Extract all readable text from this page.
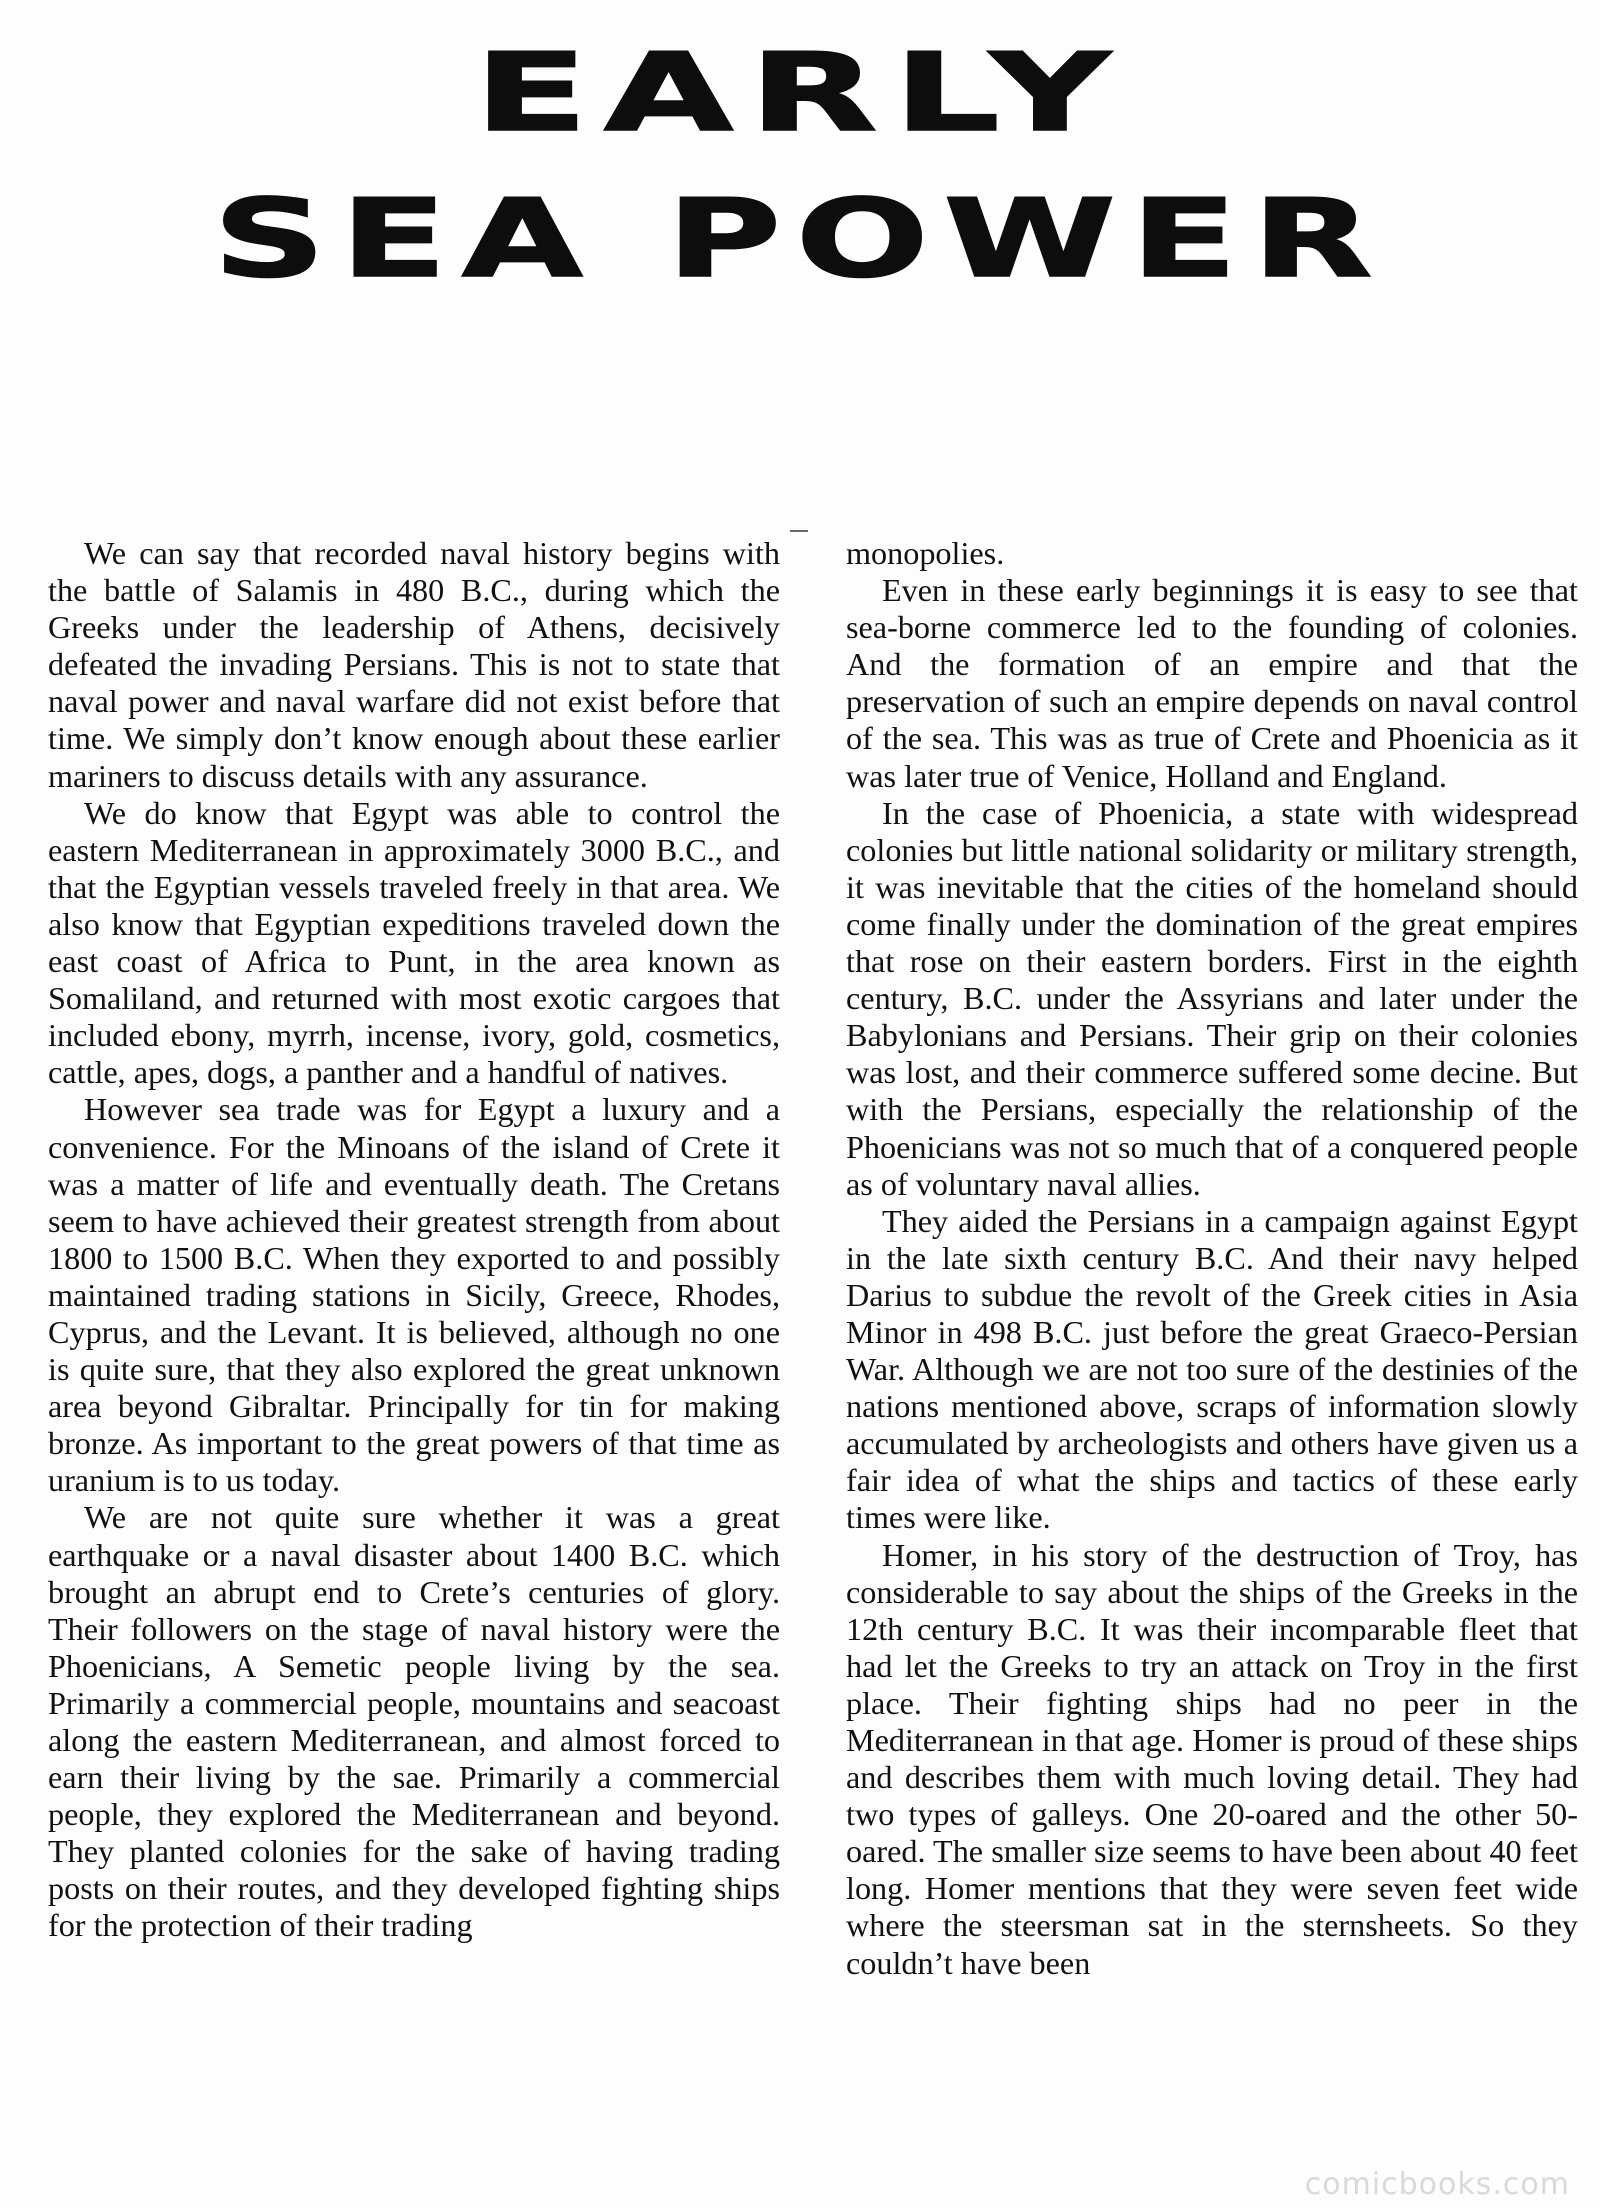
EARLY
SEA POWER

We can say that recorded naval history begins with the battle of Salamis in 480 B.C., during which the Greeks under the leadership of Athens, decisively defeated the invading Persians. This is not to state that naval power and naval warfare did not exist before that time. We simply don’t know enough about these earlier mariners to discuss details with any assurance.

We do know that Egypt was able to control the eastern Mediterranean in approximately 3000 B.C., and that the Egyptian vessels traveled freely in that area. We also know that Egyptian expeditions traveled down the east coast of Africa to Punt, in the area known as Somaliland, and returned with most exotic cargoes that included ebony, myrrh, incense, ivory, gold, cosmetics, cattle, apes, dogs, a panther and a handful of natives.

However sea trade was for Egypt a luxury and a convenience. For the Minoans of the island of Crete it was a matter of life and eventually death. The Cretans seem to have achieved their greatest strength from about 1800 to 1500 B.C. When they exported to and possibly maintained trading stations in Sicily, Greece, Rhodes, Cyprus, and the Levant. It is believed, although no one is quite sure, that they also explored the great unknown area beyond Gibraltar. Principally for tin for making bronze. As important to the great powers of that time as uranium is to us today.

We are not quite sure whether it was a great earthquake or a naval disaster about 1400 B.C. which brought an abrupt end to Crete’s centuries of glory. Their followers on the stage of naval history were the Phoenicians, A Semetic people living by the sea. Primarily a commercial people, mountains and seacoast along the eastern Mediterranean, and almost forced to earn their living by the sae. Primarily a commercial people, they explored the Mediterranean and beyond. They planted colonies for the sake of having trading posts on their routes, and they developed fighting ships for the protection of their trading

monopolies.

Even in these early beginnings it is easy to see that sea-borne commerce led to the founding of colonies. And the formation of an empire and that the preservation of such an empire depends on naval control of the sea. This was as true of Crete and Phoenicia as it was later true of Venice, Holland and England.

In the case of Phoenicia, a state with widespread colonies but little national solidarity or military strength, it was inevitable that the cities of the homeland should come finally under the domination of the great empires that rose on their eastern borders. First in the eighth century, B.C. under the Assyrians and later under the Babylonians and Persians. Their grip on their colonies was lost, and their commerce suffered some decine. But with the Persians, especially the relationship of the Phoenicians was not so much that of a conquered people as of voluntary naval allies.

They aided the Persians in a campaign against Egypt in the late sixth century B.C. And their navy helped Darius to subdue the revolt of the Greek cities in Asia Minor in 498 B.C. just before the great Graeco-Persian War. Although we are not too sure of the destinies of the nations mentioned above, scraps of information slowly accumulated by archeologists and others have given us a fair idea of what the ships and tactics of these early times were like.

Homer, in his story of the destruction of Troy, has considerable to say about the ships of the Greeks in the 12th century B.C. It was their incomparable fleet that had let the Greeks to try an attack on Troy in the first place. Their fighting ships had no peer in the Mediterranean in that age. Homer is proud of these ships and describes them with much loving detail. They had two types of galleys. One 20-oared and the other 50-oared. The smaller size seems to have been about 40 feet long. Homer mentions that they were seven feet wide where the steersman sat in the sternsheets. So they couldn’t have been

comicbooks.com
